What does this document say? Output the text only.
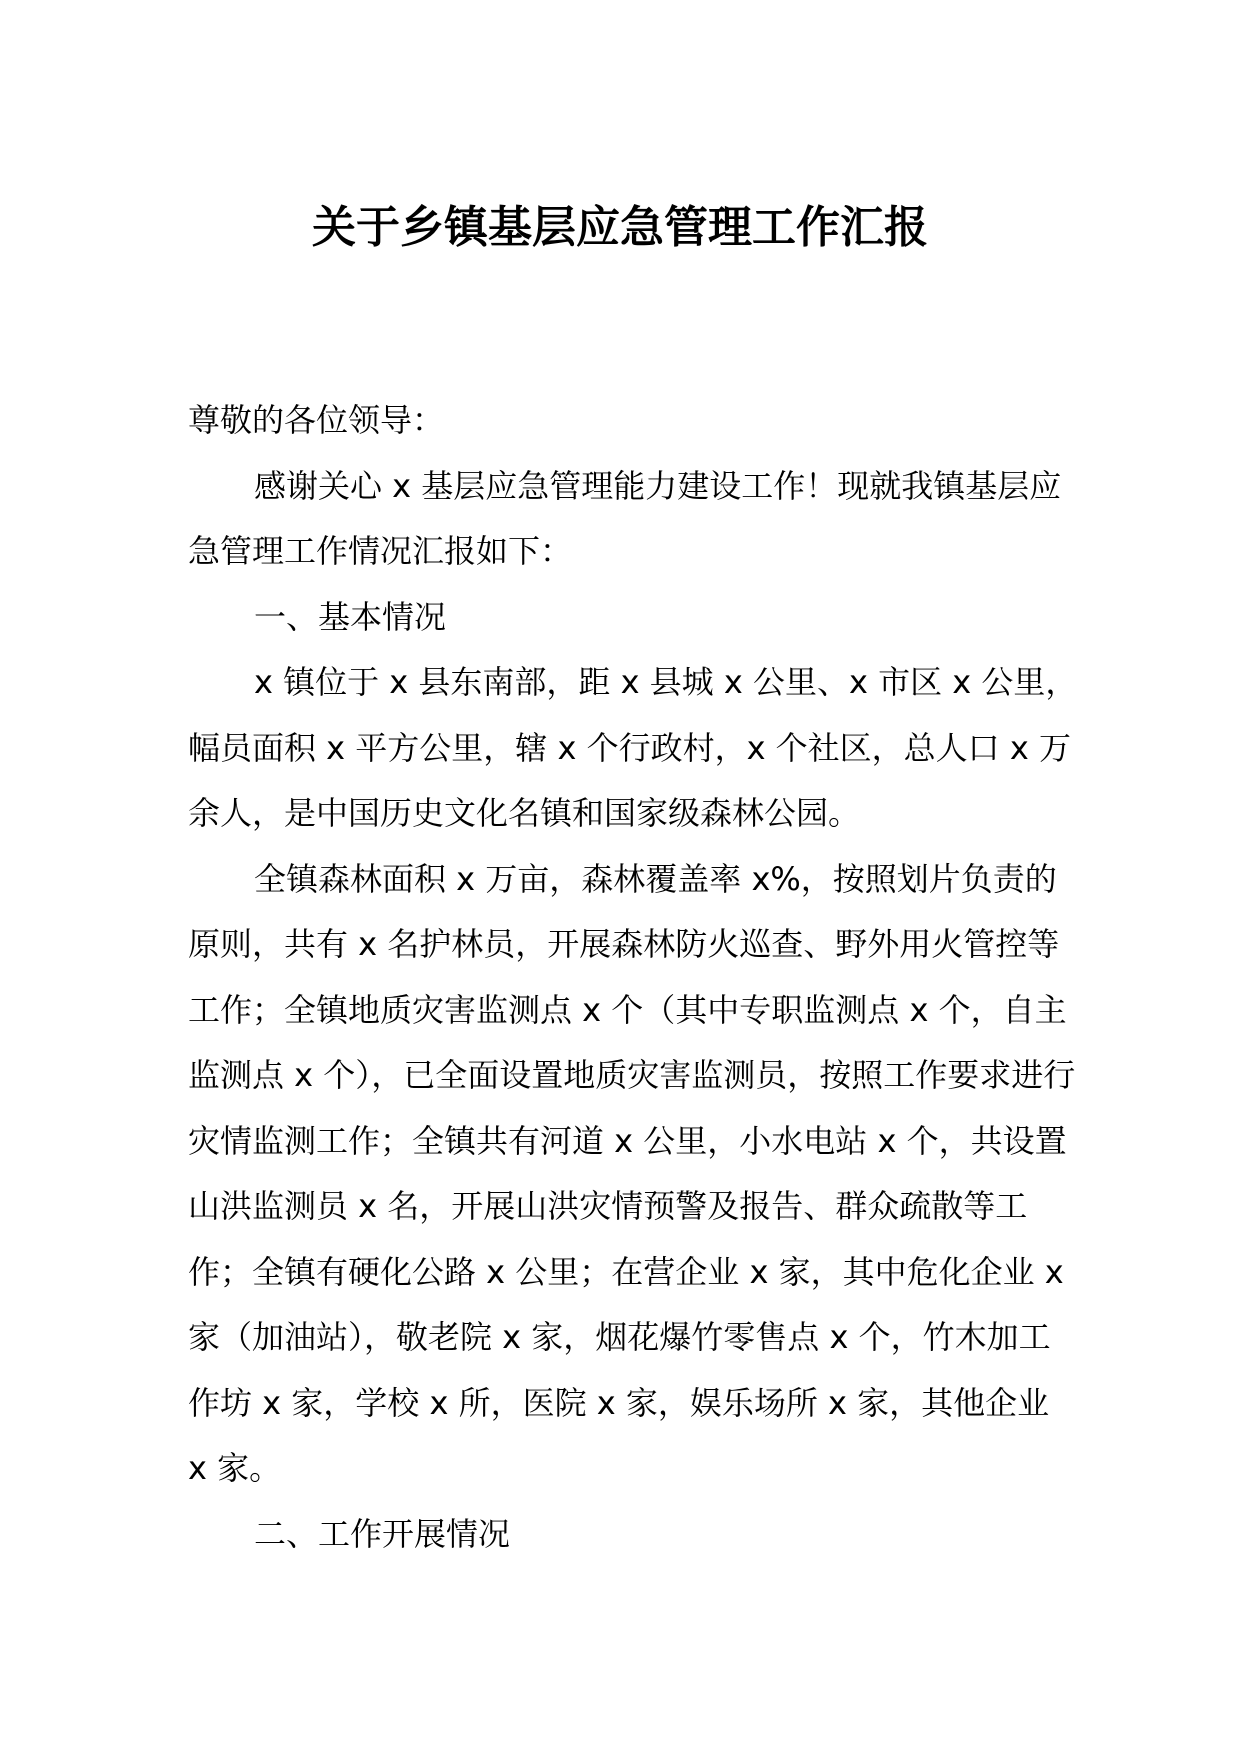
关于乡镇基层应急管理工作汇报

尊敬的各位领导：

感谢关心 x 基层应急管理能力建设工作！现就我镇基层应急管理工作情况汇报如下：

一、基本情况

x 镇位于 x 县东南部，距 x 县城 x 公里、x 市区 x 公里，幅员面积 x 平方公里，辖 x 个行政村，x 个社区，总人口 x 万余人，是中国历史文化名镇和国家级森林公园。

全镇森林面积 x 万亩，森林覆盖率 x%，按照划片负责的原则，共有 x 名护林员，开展森林防火巡查、野外用火管控等工作；全镇地质灾害监测点 x 个（其中专职监测点 x 个，自主监测点 x 个），已全面设置地质灾害监测员，按照工作要求进行灾情监测工作；全镇共有河道 x 公里，小水电站 x 个，共设置山洪监测员 x 名，开展山洪灾情预警及报告、群众疏散等工作；全镇有硬化公路 x 公里；在营企业 x 家，其中危化企业 x 家（加油站），敬老院 x 家，烟花爆竹零售点 x 个，竹木加工作坊 x 家，学校 x 所，医院 x 家，娱乐场所 x 家，其他企业 x 家。

二、工作开展情况
